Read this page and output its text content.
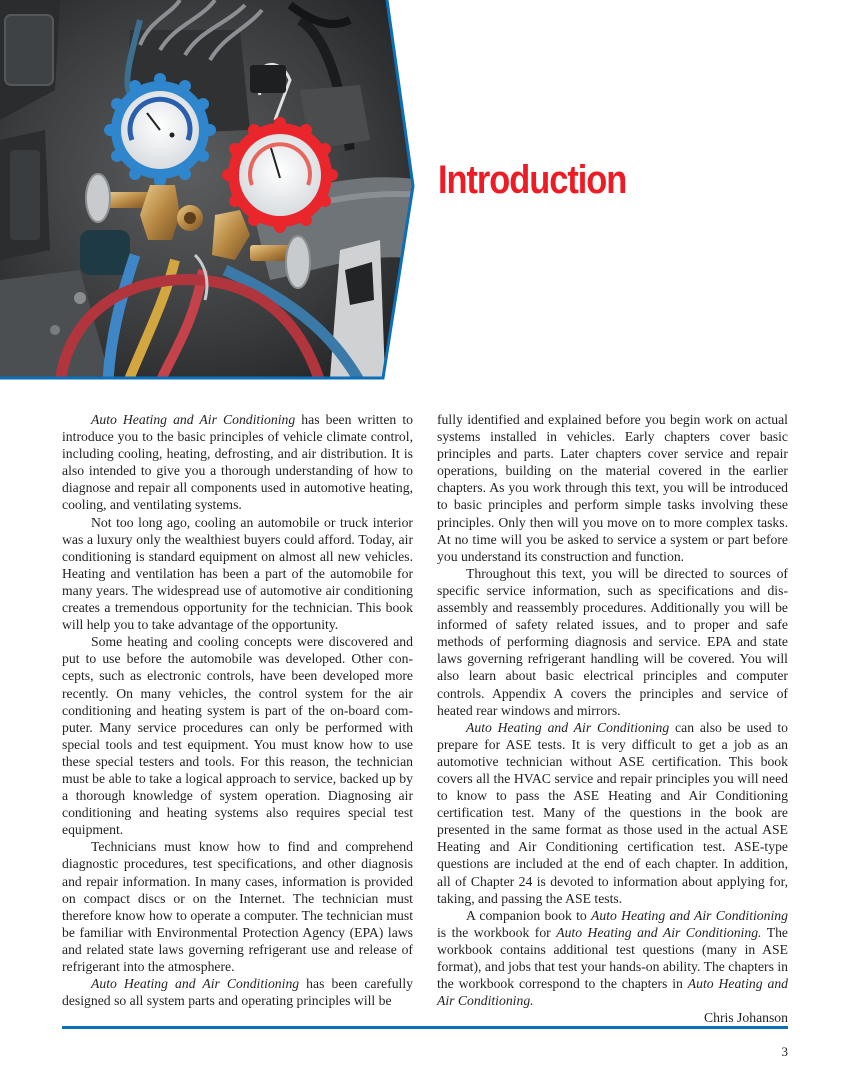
Introduction

Auto Heating and Air Conditioning has been written to introduce you to the basic principles of vehicle climate control, including cooling, heating, defrosting, and air distribution. It is also intended to give you a thorough understanding of how to diagnose and repair all components used in automotive heating, cooling, and ventilating systems.

Not too long ago, cooling an automobile or truck interior was a luxury only the wealthiest buyers could afford. Today, air conditioning is standard equipment on almost all new vehicles. Heating and ventilation has been a part of the automobile for many years. The widespread use of automotive air conditioning creates a tremendous opportunity for the technician. This book will help you to take advantage of the opportunity.

Some heating and cooling concepts were discovered and put to use before the automobile was developed. Other concepts, such as electronic controls, have been developed more recently. On many vehicles, the control system for the air conditioning and heating system is part of the on-board computer. Many service procedures can only be performed with special tools and test equipment. You must know how to use these special testers and tools. For this reason, the technician must be able to take a logical approach to service, backed up by a thorough knowledge of system operation. Diagnosing air conditioning and heating systems also requires special test equipment.

Technicians must know how to find and comprehend diagnostic procedures, test specifications, and other diagnosis and repair information. In many cases, information is provided on compact discs or on the Internet. The technician must therefore know how to operate a computer. The technician must be familiar with Environmental Protection Agency (EPA) laws and related state laws governing refrigerant use and release of refrigerant into the atmosphere.

Auto Heating and Air Conditioning has been carefully designed so all system parts and operating principles will be

fully identified and explained before you begin work on actual systems installed in vehicles. Early chapters cover basic principles and parts. Later chapters cover service and repair operations, building on the material covered in the earlier chapters. As you work through this text, you will be introduced to basic principles and perform simple tasks involving these principles. Only then will you move on to more complex tasks. At no time will you be asked to service a system or part before you understand its construction and function.

Throughout this text, you will be directed to sources of specific service information, such as specifications and disassembly and reassembly procedures. Additionally you will be informed of safety related issues, and to proper and safe methods of performing diagnosis and service. EPA and state laws governing refrigerant handling will be covered. You will also learn about basic electrical principles and computer controls. Appendix A covers the principles and service of heated rear windows and mirrors.

Auto Heating and Air Conditioning can also be used to prepare for ASE tests. It is very difficult to get a job as an automotive technician without ASE certification. This book covers all the HVAC service and repair principles you will need to know to pass the ASE Heating and Air Conditioning certification test. Many of the questions in the book are presented in the same format as those used in the actual ASE Heating and Air Conditioning certification test. ASE-type questions are included at the end of each chapter. In addition, all of Chapter 24 is devoted to information about applying for, taking, and passing the ASE tests.

A companion book to Auto Heating and Air Conditioning is the workbook for Auto Heating and Air Conditioning. The workbook contains additional test questions (many in ASE format), and jobs that test your hands-on ability. The chapters in the workbook correspond to the chapters in Auto Heating and Air Conditioning.

Chris Johanson

3
